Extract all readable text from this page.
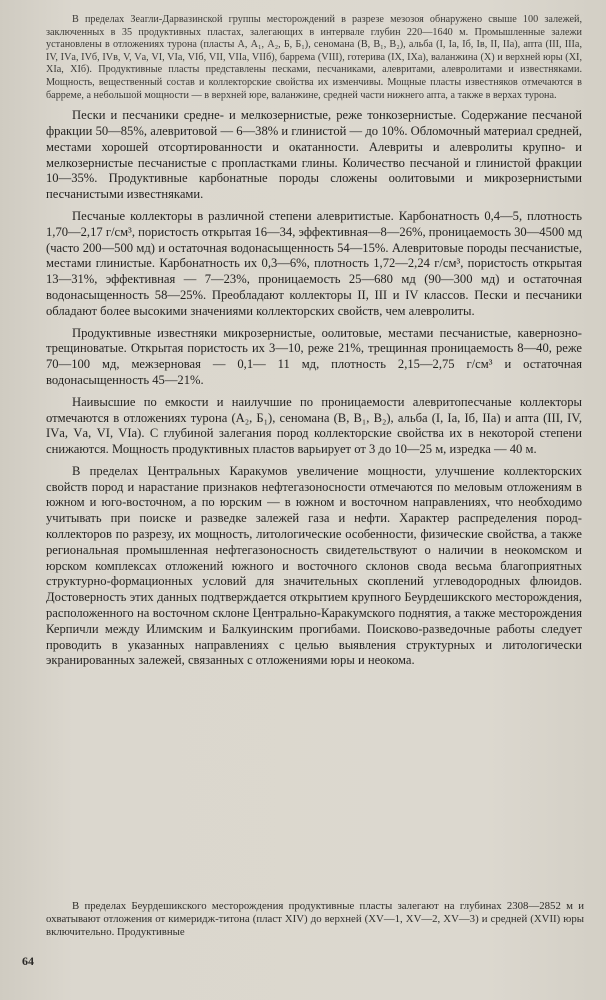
В пределах Зеагли-Дарвазинской группы месторождений в разрезе мезозоя обнаружено свыше 100 залежей, заключенных в 35 продуктивных пластах, залегающих в интервале глубин 220—1640 м. Промышленные залежи установлены в отложениях турона (пласты А, А₁, А₂, Б, Б₁), сеномана (В, В₁, В₂), альба (I, Iа, Iб, Iв, II, IIа), апта (III, IIIа, IV, IVа, IVб, IVв, V, Vа, VI, VIа, VIб, VII, VIIа, VIIб), баррема (VIII), готерива (IX, IXа), валанжина (X) и верхней юры (XI, XIа, XIб). Продуктивные пласты представлены песками, песчаниками, алевритами, алевролитами и известняками. Мощность, вещественный состав и коллекторские свойства их изменчивы. Мощные пласты известняков отмечаются в барреме, а небольшой мощности — в верхней юре, валанжине, средней части нижнего апта, а также в верхах турона.

Пески и песчаники средне- и мелкозернистые, реже тонкозернистые. Содержание песчаной фракции 50—85%, алевритовой — 6—38% и глинистой — до 10%. Обломочный материал средней, местами хорошей отсортированности и окатанности. Алевриты и алевролиты крупно- и мелкозернистые песчанистые с пропластками глины. Количество песчаной и глинистой фракции 10—35%. Продуктивные карбонатные породы сложены оолитовыми и микрозернистыми песчанистыми известняками.

Песчаные коллекторы в различной степени алевритистые. Карбонатность 0,4—5, плотность 1,70—2,17 г/см³, пористость открытая 16—34, эффективная—8—26%, проницаемость 30—4500 мд (часто 200—500 мд) и остаточная водонасыщенность 54—15%. Алевритовые породы песчанистые, местами глинистые. Карбонатность их 0,3—6%, плотность 1,72—2,24 г/см³, пористость открытая 13—31%, эффективная — 7—23%, проницаемость 25—680 мд (90—300 мд) и остаточная водонасыщенность 58—25%. Преобладают коллекторы II, III и IV классов. Пески и песчаники обладают более высокими значениями коллекторских свойств, чем алевролиты.

Продуктивные известняки микрозернистые, оолитовые, местами песчанистые, кавернозно-трещиноватые. Открытая пористость их 3—10, реже 21%, трещинная проницаемость 8—40, реже 70—100 мд, межзерновая — 0,1— 11 мд, плотность 2,15—2,75 г/см³ и остаточная водонасыщенность 45—21%.

Наивысшие по емкости и наилучшие по проницаемости алевритопесчаные коллекторы отмечаются в отложениях турона (А₂, Б₁), сеномана (В, В₁, В₂), альба (I, Iа, Iб, IIа) и апта (III, IV, IVа, Vа, VI, VIа). С глубиной залегания пород коллекторские свойства их в некоторой степени снижаются. Мощность продуктивных пластов варьирует от 3 до 10—25 м, изредка — 40 м.

В пределах Центральных Каракумов увеличение мощности, улучшение коллекторских свойств пород и нарастание признаков нефтегазоносности отмечаются по меловым отложениям в южном и юго-восточном, а по юрским — в южном и восточном направлениях, что необходимо учитывать при поиске и разведке залежей газа и нефти. Характер распределения пород-коллекторов по разрезу, их мощность, литологические особенности, физические свойства, а также региональная промышленная нефтегазоносность свидетельствуют о наличии в неокомском и юрском комплексах отложений южного и восточного склонов свода весьма благоприятных структурно-формационных условий для значительных скоплений углеводородных флюидов. Достоверность этих данных подтверждается открытием крупного Беурдешикского месторождения, расположенного на восточном склоне Центрально-Каракумского поднятия, а также месторождения Керпичли между Илимским и Балкуинским прогибами. Поисково-разведочные работы следует проводить в указанных направлениях с целью выявления структурных и литологически экранированных залежей, связанных с отложениями юры и неокома.

В пределах Беурдешикского месторождения продуктивные пласты залегают на глубинах 2308—2852 м и охватывают отложения от кимеридж-титона (пласт XIV) до верхней (XV—1, XV—2, XV—3) и средней (XVII) юры включительно. Продуктивные

64
